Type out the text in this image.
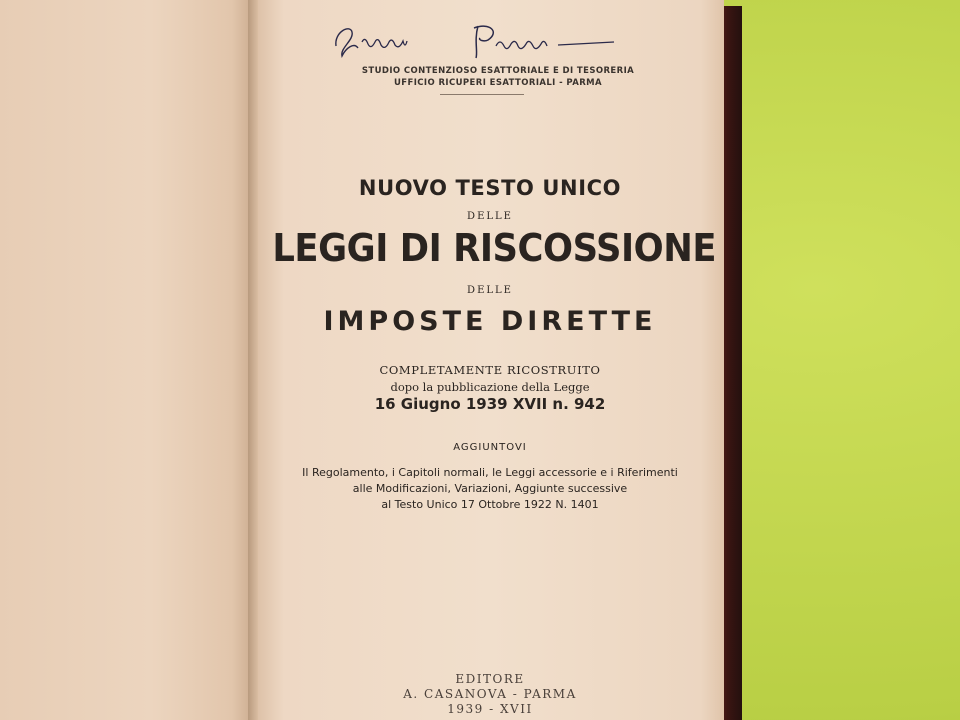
STUDIO CONTENZIOSO ESATTORIALE E DI TESORERIA
UFFICIO RICUPERI ESATTORIALI - PARMA
NUOVO TESTO UNICO
DELLE
LEGGI DI RISCOSSIONE
DELLE
IMPOSTE DIRETTE
COMPLETAMENTE RICOSTRUITO
dopo la pubblicazione della Legge
16 Giugno 1939 XVII n. 942
AGGIUNTOVI
Il Regolamento, i Capitoli normali, le Leggi accessorie e i Riferimenti
alle Modificazioni, Variazioni, Aggiunte successive
al Testo Unico 17 Ottobre 1922 N. 1401
EDITORE
A. CASANOVA - PARMA
1939 - XVII
